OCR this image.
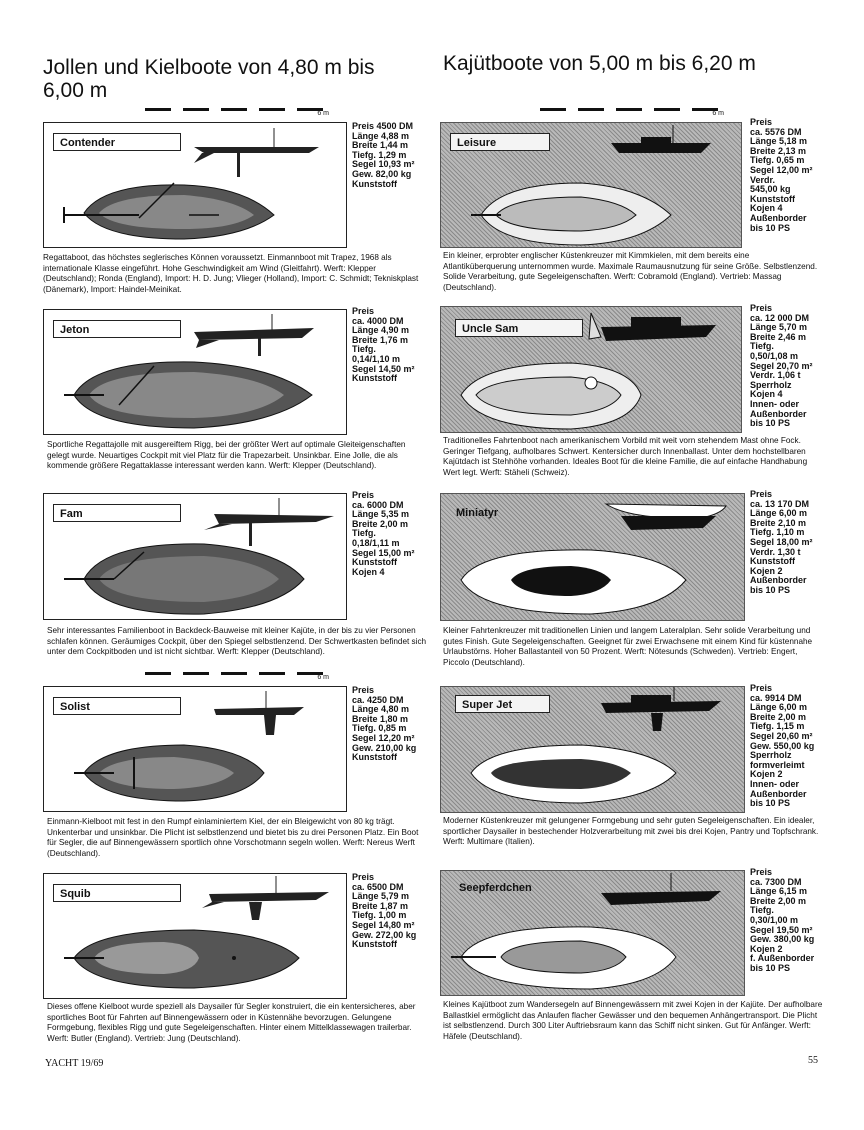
Jollen und Kielboote von 4,80 m bis 6,00 m
Kajütboote von 5,00 m bis 6,20 m
6 m	6 m
6 m
Contender
Preis 4500 DM
Länge 4,88 m
Breite 1,44 m
Tiefg. 1,29 m
Segel 10,93 m²
Gew. 82,00 kg
Kunststoff
Regattaboot, das höchstes seglerisches Können voraussetzt. Einmannboot mit Trapez, 1968 als internationale Klasse eingeführt. Hohe Geschwindigkeit am Wind (Gleitfahrt). Werft: Klepper (Deutschland); Ronda (England), Import: H. D. Jung; Vlieger (Holland), Import: C. Schmidt; Tekniskplast (Dänemark), Import: Haindel-Meinikat.
Jeton
Preis
ca. 4000 DM
Länge 4,90 m
Breite 1,76 m
Tiefg.
0,14/1,10 m
Segel 14,50 m²
Kunststoff
Sportliche Regattajolle mit ausgereiftem Rigg, bei der größter Wert auf optimale Gleiteigenschaften gelegt wurde. Neuartiges Cockpit mit viel Platz für die Trapezarbeit. Unsinkbar. Eine Jolle, die als kommende größere Regattaklasse interessant werden kann. Werft: Klepper (Deutschland).
Fam
Preis
ca. 6000 DM
Länge 5,35 m
Breite 2,00 m
Tiefg.
0,18/1,11 m
Segel 15,00 m²
Kunststoff
Kojen 4
Sehr interessantes Familienboot in Backdeck-Bauweise mit kleiner Kajüte, in der bis zu vier Personen schlafen können. Geräumiges Cockpit, über den Spiegel selbstlenzend. Der Schwertkasten befindet sich unter dem Cockpitboden und ist nicht sichtbar. Werft: Klepper (Deutschland).
Solist
Preis
ca. 4250 DM
Länge 4,80 m
Breite 1,80 m
Tiefg. 0,85 m
Segel 12,20 m²
Gew. 210,00 kg
Kunststoff
Einmann-Kielboot mit fest in den Rumpf einlaminiertem Kiel, der ein Bleigewicht von 80 kg trägt. Unkenterbar und unsinkbar. Die Plicht ist selbstlenzend und bietet bis zu drei Personen Platz. Ein Boot für Segler, die auf Binnengewässern sportlich ohne Vorschotmann segeln wollen. Werft: Nereus Werft (Deutschland).
Squib
Preis
ca. 6500 DM
Länge 5,79 m
Breite 1,87 m
Tiefg. 1,00 m
Segel 14,80 m²
Gew. 272,00 kg
Kunststoff
Dieses offene Kielboot wurde speziell als Daysailer für Segler konstruiert, die ein kentersicheres, aber sportliches Boot für Fahrten auf Binnengewässern oder in Küstennähe bevorzugen. Gelungene Formgebung, flexibles Rigg und gute Segeleigenschaften. Hinter einem Mittelklassewagen trailerbar. Werft: Butler (England). Vertrieb: Jung (Deutschland).
Leisure
Preis
ca. 5576 DM
Länge 5,18 m
Breite 2,13 m
Tiefg. 0,65 m
Segel 12,00 m²
Verdr.
545,00 kg
Kunststoff
Kojen 4
Außenborder
bis 10 PS
Ein kleiner, erprobter englischer Küstenkreuzer mit Kimmkielen, mit dem bereits eine Atlantiküberquerung unternommen wurde. Maximale Raumausnutzung für seine Größe. Selbstlenzend. Solide Verarbeitung, gute Segeleigenschaften. Werft: Cobramold (England). Vertrieb: Massag (Deutschland).
Uncle Sam
Preis
ca. 12 000 DM
Länge 5,70 m
Breite 2,46 m
Tiefg.
0,50/1,08 m
Segel 20,70 m²
Verdr. 1,06 t
Sperrholz
Kojen 4
Innen- oder
Außenborder
bis 10 PS
Traditionelles Fahrtenboot nach amerikanischem Vorbild mit weit vorn stehendem Mast ohne Fock. Geringer Tiefgang, aufholbares Schwert. Kentersicher durch Innenballast. Unter dem hochstellbaren Kajütdach ist Stehhöhe vorhanden. Ideales Boot für die kleine Familie, die auf einfache Handhabung Wert legt. Werft: Stäheli (Schweiz).
Miniatyr
Preis
ca. 13 170 DM
Länge 6,00 m
Breite 2,10 m
Tiefg. 1,10 m
Segel 18,00 m²
Verdr. 1,30 t
Kunststoff
Kojen 2
Außenborder
bis 10 PS
Kleiner Fahrtenkreuzer mit traditionellen Linien und langem Lateralplan. Sehr solide Verarbeitung und gutes Finish. Gute Segeleigenschaften. Geeignet für zwei Erwachsene mit einem Kind für küstennahe Urlaubstörns. Hoher Ballastanteil von 50 Prozent. Werft: Nötesunds (Schweden). Vertrieb: Engert, Piccolo (Deutschland).
Super Jet
Preis
ca. 9914 DM
Länge 6,00 m
Breite 2,00 m
Tiefg. 1,15 m
Segel 20,60 m²
Gew. 550,00 kg
Sperrholz
formverleimt
Kojen 2
Innen- oder
Außenborder
bis 10 PS
Moderner Küstenkreuzer mit gelungener Formgebung und sehr guten Segeleigenschaften. Ein idealer, sportlicher Daysailer in bestechender Holzverarbeitung mit zwei bis drei Kojen, Pantry und Topfschrank. Werft: Multimare (Italien).
Seepferdchen
Preis
ca. 7300 DM
Länge 6,15 m
Breite 2,00 m
Tiefg.
0,30/1,00 m
Segel 19,50 m²
Gew. 380,00 kg
Kojen 2
f. Außenborder
bis 10 PS
Kleines Kajütboot zum Wandersegeln auf Binnengewässern mit zwei Kojen in der Kajüte. Der aufholbare Ballastkiel ermöglicht das Anlaufen flacher Gewässer und den bequemen Anhängertransport. Die Plicht ist selbstlenzend. Durch 300 Liter Auftriebsraum kann das Schiff nicht sinken. Gut für Anfänger. Werft: Häfele (Deutschland).
YACHT 19/69	55
